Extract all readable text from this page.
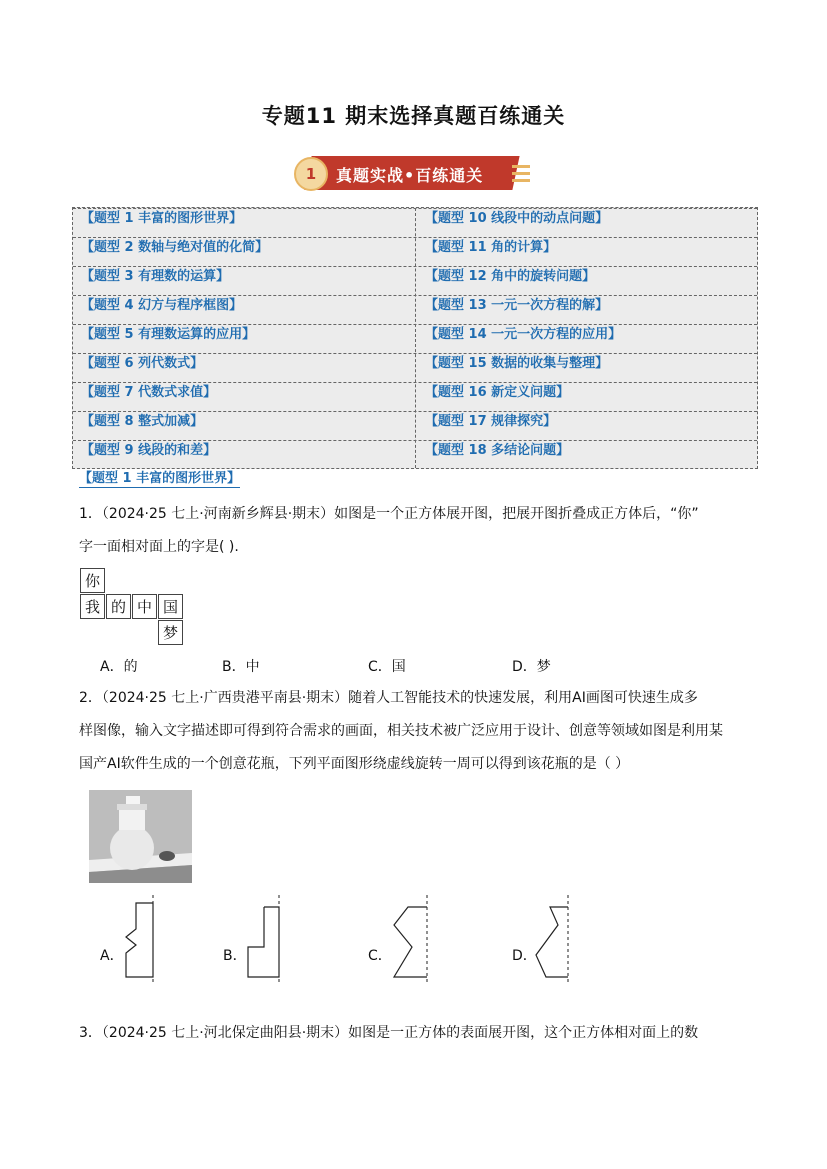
专题11 期末选择真题百练通关
1	真题实战•百练通关
【题型 1 丰富的图形世界】	【题型 10 线段中的动点问题】
【题型 2 数轴与绝对值的化简】	【题型 11 角的计算】
【题型 3 有理数的运算】	【题型 12 角中的旋转问题】
【题型 4 幻方与程序框图】	【题型 13 一元一次方程的解】
【题型 5 有理数运算的应用】	【题型 14 一元一次方程的应用】
【题型 6 列代数式】	【题型 15 数据的收集与整理】
【题型 7 代数式求值】	【题型 16 新定义问题】
【题型 8 整式加减】	【题型 17 规律探究】
【题型 9 线段的和差】	【题型 18 多结论问题】
【题型 1 丰富的图形世界】
1．（2024·25 七上·河南新乡辉县·期末）如图是一个正方体展开图，把展开图折叠成正方体后，“你”
字一面相对面上的字是( ).
你
我 的 中 国
梦
A．的	B．中	C．国	D．梦
2．（2024·25 七上·广西贵港平南县·期末）随着人工智能技术的快速发展，利用AI画图可快速生成多
样图像，输入文字描述即可得到符合需求的画面，相关技术被广泛应用于设计、创意等领域如图是利用某
国产AI软件生成的一个创意花瓶，下列平面图形绕虚线旋转一周可以得到该花瓶的是（ ）
A．	B．	C．	D．
3．（2024·25 七上·河北保定曲阳县·期末）如图是一正方体的表面展开图，这个正方体相对面上的数
